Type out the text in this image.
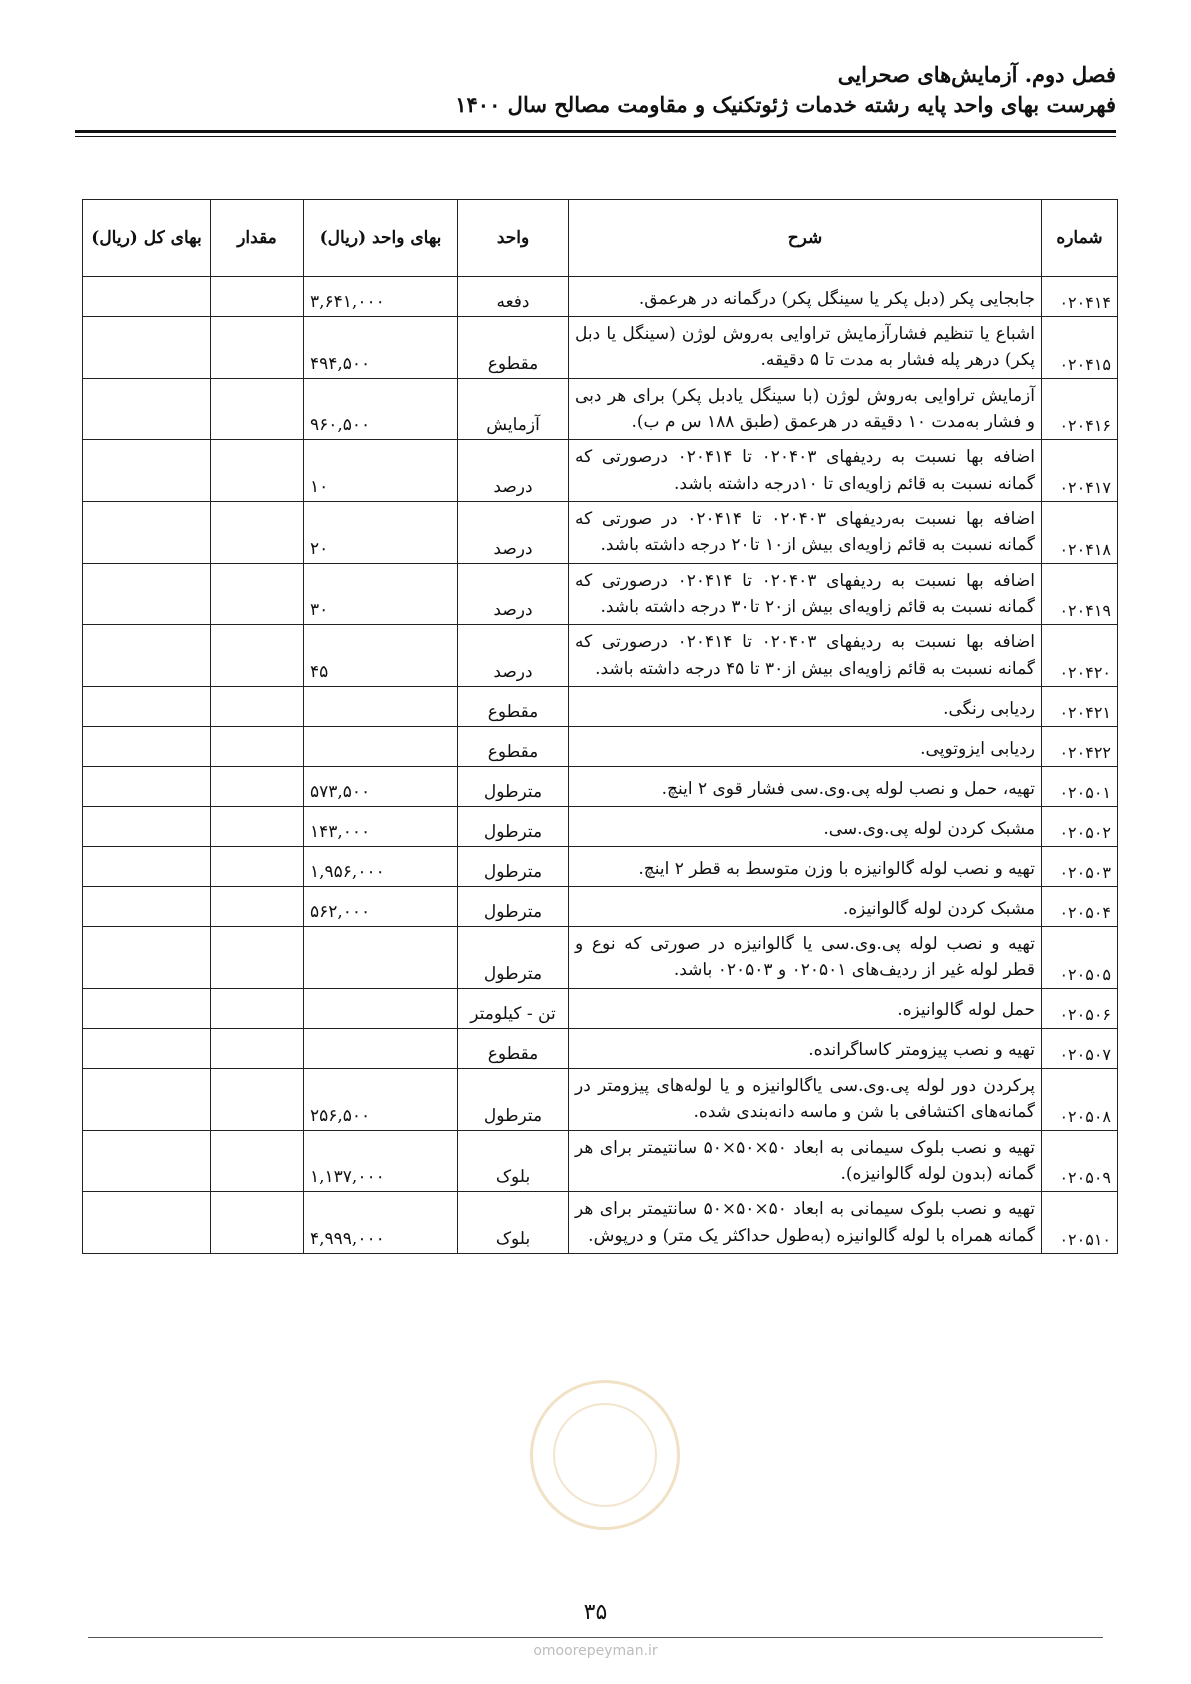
فصل دوم. آزمایش‌های صحرایی
فهرست بهای واحد پایه رشته خدمات ژئوتکنیک و مقاومت مصالح سال ۱۴۰۰
شماره	شرح	واحد	بهای واحد (ریال)	مقدار	بهای کل (ریال)
۰۲۰۴۱۴	جابجایی پکر (دبل پکر یا سینگل پکر) درگمانه در هرعمق.	دفعه	۳,۶۴۱,۰۰۰		
۰۲۰۴۱۵	اشباع یا تنظیم فشارآزمایش تراوایی به‌روش لوژن (سینگل یا دبل پکر) درهر پله فشار به مدت تا ۵ دقیقه.	مقطوع	۴۹۴,۵۰۰		
۰۲۰۴۱۶	آزمایش تراوایی به‌روش لوژن (با سینگل یادبل پکر) برای هر دبی و فشار به‌مدت ۱۰ دقیقه در هرعمق (طبق ۱۸۸ س م ب).	آزمایش	۹۶۰,۵۰۰		
۰۲۰۴۱۷	اضافه بها نسبت به ردیفهای ۰۲۰۴۰۳ تا ۰۲۰۴۱۴ درصورتی که گمانه نسبت به قائم زاویه‌ای تا ۱۰درجه داشته باشد.	درصد	۱۰		
۰۲۰۴۱۸	اضافه بها نسبت به‌ردیفهای ۰۲۰۴۰۳ تا ۰۲۰۴۱۴ در صورتی که گمانه نسبت به قائم زاویه‌ای بیش از۱۰ تا۲۰ درجه داشته باشد.	درصد	۲۰		
۰۲۰۴۱۹	اضافه بها نسبت به ردیفهای ۰۲۰۴۰۳ تا ۰۲۰۴۱۴ درصورتی که گمانه نسبت به قائم زاویه‌ای بیش از۲۰ تا۳۰ درجه داشته باشد.	درصد	۳۰		
۰۲۰۴۲۰	اضافه بها نسبت به ردیفهای ۰۲۰۴۰۳ تا ۰۲۰۴۱۴ درصورتی که گمانه نسبت به قائم زاویه‌ای بیش از۳۰ تا ۴۵ درجه داشته باشد.	درصد	۴۵		
۰۲۰۴۲۱	ردیابی رنگی.	مقطوع			
۰۲۰۴۲۲	ردیابی ایزوتوپی.	مقطوع			
۰۲۰۵۰۱	تهیه، حمل و نصب لوله پی.وی.سی فشار قوی ۲ اینچ.	مترطول	۵۷۳,۵۰۰		
۰۲۰۵۰۲	مشبک کردن لوله پی.وی.سی.	مترطول	۱۴۳,۰۰۰		
۰۲۰۵۰۳	تهیه و نصب لوله گالوانیزه با وزن متوسط به قطر ۲ اینچ.	مترطول	۱,۹۵۶,۰۰۰		
۰۲۰۵۰۴	مشبک کردن لوله گالوانیزه.	مترطول	۵۶۲,۰۰۰		
۰۲۰۵۰۵	تهیه و نصب لوله پی.وی.سی یا گالوانیزه در صورتی که نوع و قطر لوله غیر از ردیف‌های ۰۲۰۵۰۱ و ۰۲۰۵۰۳ باشد.	مترطول			
۰۲۰۵۰۶	حمل لوله گالوانیزه.	تن - کیلومتر			
۰۲۰۵۰۷	تهیه و نصب پیزومتر کاساگرانده.	مقطوع			
۰۲۰۵۰۸	پرکردن دور لوله پی.وی.سی یاگالوانیزه و یا لوله‌های پیزومتر در گمانه‌های اکتشافی با شن و ماسه دانه‌بندی شده.	مترطول	۲۵۶,۵۰۰		
۰۲۰۵۰۹	تهیه و نصب بلوک سیمانی به ابعاد ۵۰×۵۰×۵۰ سانتیمتر برای هر گمانه (بدون لوله گالوانیزه).	بلوک	۱,۱۳۷,۰۰۰		
۰۲۰۵۱۰	تهیه و نصب بلوک سیمانی به ابعاد ۵۰×۵۰×۵۰ سانتیمتر برای هر گمانه همراه با لوله گالوانیزه (به‌طول حداکثر یک متر) و درپوش.	بلوک	۴,۹۹۹,۰۰۰		
۳۵
omoorepeyman.ir
